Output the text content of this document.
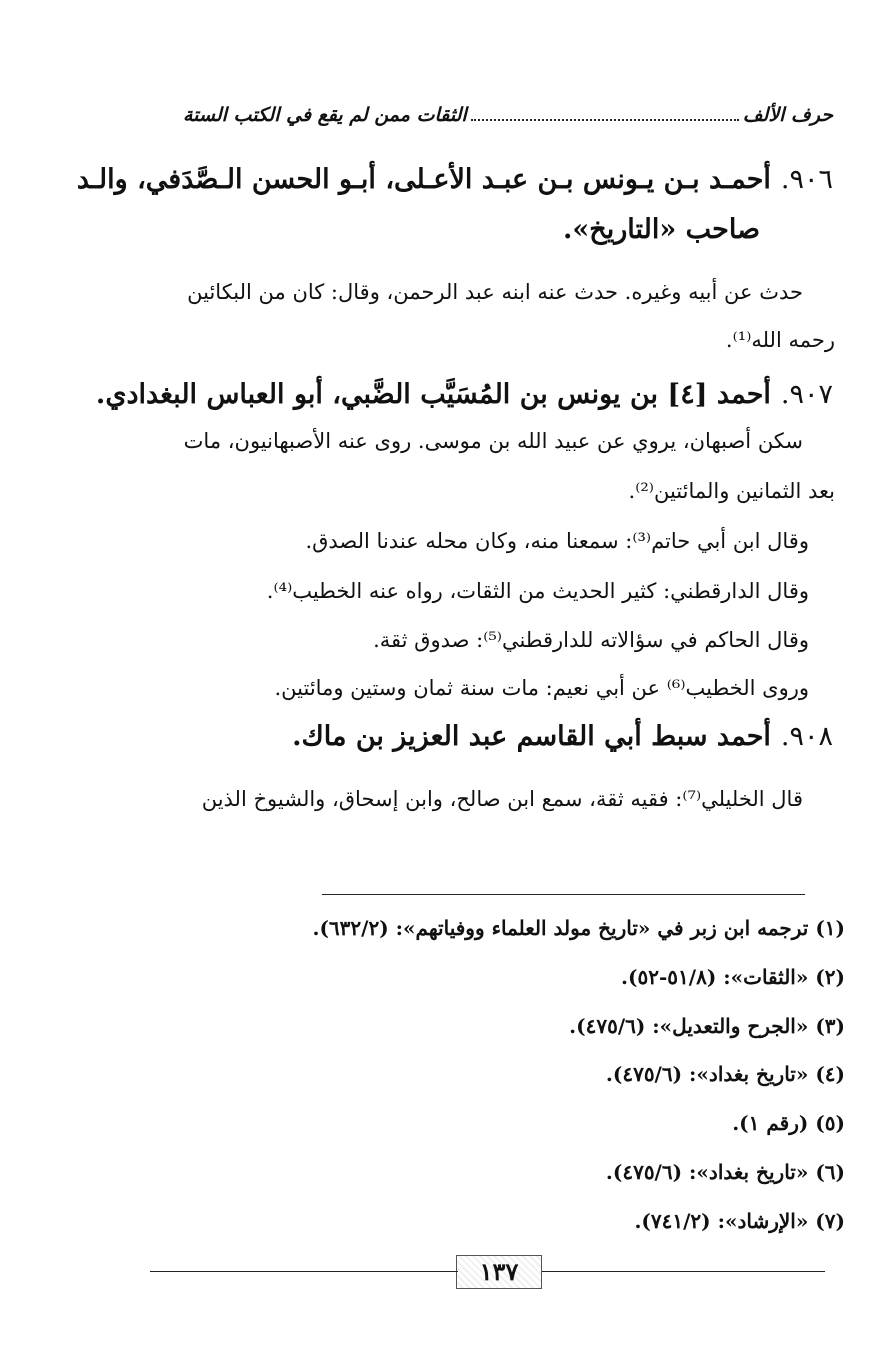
حرف الألف
الثقات ممن لم يقع في الكتب الستة
٩٠٦.أحمـد بـن يـونس بـن عبـد الأعـلى، أبـو الحسن الـصَّدَفي، والـد
صاحب «التاريخ».
حدث عن أبيه وغيره. حدث عنه ابنه عبد الرحمن، وقال: كان من البكائين
رحمه الله⁽¹⁾.
٩٠٧.أحمد [٤] بن يونس بن المُسَيَّب الضَّبي، أبو العباس البغدادي.
سكن أصبهان، يروي عن عبيد الله بن موسى. روى عنه الأصبهانيون، مات
بعد الثمانين والمائتين⁽²⁾.
وقال ابن أبي حاتم⁽³⁾: سمعنا منه، وكان محله عندنا الصدق.
وقال الدارقطني: كثير الحديث من الثقات، رواه عنه الخطيب⁽⁴⁾.
وقال الحاكم في سؤالاته للدارقطني⁽⁵⁾: صدوق ثقة.
وروى الخطيب⁽⁶⁾ عن أبي نعيم: مات سنة ثمان وستين ومائتين.
٩٠٨.أحمد سبط أبي القاسم عبد العزيز بن ماك.
قال الخليلي⁽⁷⁾: فقيه ثقة، سمع ابن صالح، وابن إسحاق، والشيوخ الذين
(١) ترجمه ابن زبر في «تاريخ مولد العلماء ووفياتهم»: (٦٣٢/٢).
(٢) «الثقات»: (٥١/٨-٥٢).
(٣) «الجرح والتعديل»: (٤٧٥/٦).
(٤) «تاريخ بغداد»: (٤٧٥/٦).
(٥) (رقم ١).
(٦) «تاريخ بغداد»: (٤٧٥/٦).
(٧) «الإرشاد»: (٧٤١/٢).
١٣٧
